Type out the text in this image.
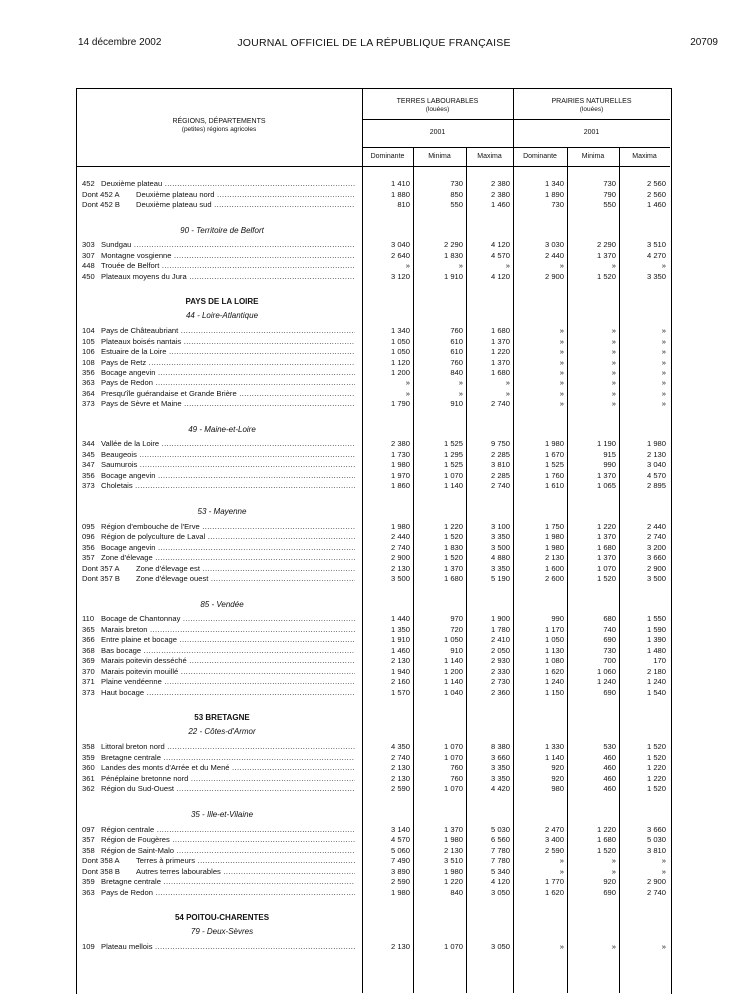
14 décembre 2002	JOURNAL OFFICIEL DE LA RÉPUBLIQUE FRANÇAISE	20709
RÉGIONS, DÉPARTEMENTS
(petites) régions agricoles
TERRES LABOURABLES
(louées)
PRAIRIES NATURELLES
(louées)
2001	2001
Dominante	Minima	Maxima	Dominante	Minima	Maxima
452 Deuxième plateau .....	1 410	730	2 380	1 340	730	2 560
Dont 452 A Deuxième plateau nord .....	1 880	850	2 380	1 890	790	2 560
Dont 452 B Deuxième plateau sud .....	810	550	1 460	730	550	1 460
90 - Territoire de Belfort
303 Sundgau .....	3 040	2 290	4 120	3 030	2 290	3 510
307 Montagne vosgienne .....	2 640	1 830	4 570	2 440	1 370	4 270
448 Trouée de Belfort .....	»	»	»	»	»	»
450 Plateaux moyens du Jura .....	3 120	1 910	4 120	2 900	1 520	3 350
PAYS DE LA LOIRE
44 - Loire-Atlantique
104 Pays de Châteaubriant .....	1 340	760	1 680	»	»	»
105 Plateaux boisés nantais .....	1 050	610	1 370	»	»	»
106 Estuaire de la Loire .....	1 050	610	1 220	»	»	»
108 Pays de Retz .....	1 120	760	1 370	»	»	»
356 Bocage angevin .....	1 200	840	1 680	»	»	»
363 Pays de Redon .....	»	»	»	»	»	»
364 Presqu'île guérandaise et Grande Brière .....	»	»	»	»	»	»
373 Pays de Sèvre et Maine .....	1 790	910	2 740	»	»	»
49 - Maine-et-Loire
344 Vallée de la Loire .....	2 380	1 525	9 750	1 980	1 190	1 980
345 Beaugeois .....	1 730	1 295	2 285	1 670	915	2 130
347 Saumurois .....	1 980	1 525	3 810	1 525	990	3 040
356 Bocage angevin .....	1 970	1 070	2 285	1 760	1 370	4 570
373 Choletais .....	1 860	1 140	2 740	1 610	1 065	2 895
53 - Mayenne
095 Région d'embouche de l'Erve .....	1 980	1 220	3 100	1 750	1 220	2 440
096 Région de polyculture de Laval .....	2 440	1 520	3 350	1 980	1 370	2 740
356 Bocage angevin .....	2 740	1 830	3 500	1 980	1 680	3 200
357 Zone d'élevage .....	2 900	1 520	4 880	2 130	1 370	3 660
Dont 357 A Zone d'élevage est .....	2 130	1 370	3 350	1 600	1 070	2 900
Dont 357 B Zone d'élevage ouest .....	3 500	1 680	5 190	2 600	1 520	3 500
85 - Vendée
110 Bocage de Chantonnay .....	1 440	970	1 900	990	680	1 550
365 Marais breton .....	1 350	720	1 780	1 170	740	1 590
366 Entre plaine et bocage .....	1 910	1 050	2 410	1 050	690	1 390
368 Bas bocage .....	1 460	910	2 050	1 130	730	1 480
369 Marais poitevin desséché .....	2 130	1 140	2 930	1 080	700	170
370 Marais poitevin mouillé .....	1 940	1 200	2 330	1 620	1 060	2 180
371 Plaine vendéenne .....	2 160	1 140	2 730	1 240	1 240	1 240
373 Haut bocage .....	1 570	1 040	2 360	1 150	690	1 540
53 BRETAGNE
22 - Côtes-d'Armor
358 Littoral breton nord .....	4 350	1 070	8 380	1 330	530	1 520
359 Bretagne centrale .....	2 740	1 070	3 660	1 140	460	1 520
360 Landes des monts d'Arrée et du Mené .....	2 130	760	3 350	920	460	1 220
361 Pénéplaine bretonne nord .....	2 130	760	3 350	920	460	1 220
362 Région du Sud-Ouest .....	2 590	1 070	4 420	980	460	1 520
35 - Ille-et-Vilaine
097 Région centrale .....	3 140	1 370	5 030	2 470	1 220	3 660
357 Région de Fougères .....	4 570	1 980	6 560	3 400	1 680	5 030
358 Région de Saint-Malo .....	5 060	2 130	7 780	2 590	1 520	3 810
Dont 358 A Terres à primeurs .....	7 490	3 510	7 780	»	»	»
Dont 358 B Autres terres labourables .....	3 890	1 980	5 340	»	»	»
359 Bretagne centrale .....	2 590	1 220	4 120	1 770	920	2 900
363 Pays de Redon .....	1 980	840	3 050	1 620	690	2 740
54 POITOU-CHARENTES
79 - Deux-Sèvres
109 Plateau mellois .....	2 130	1 070	3 050	»	»	»
